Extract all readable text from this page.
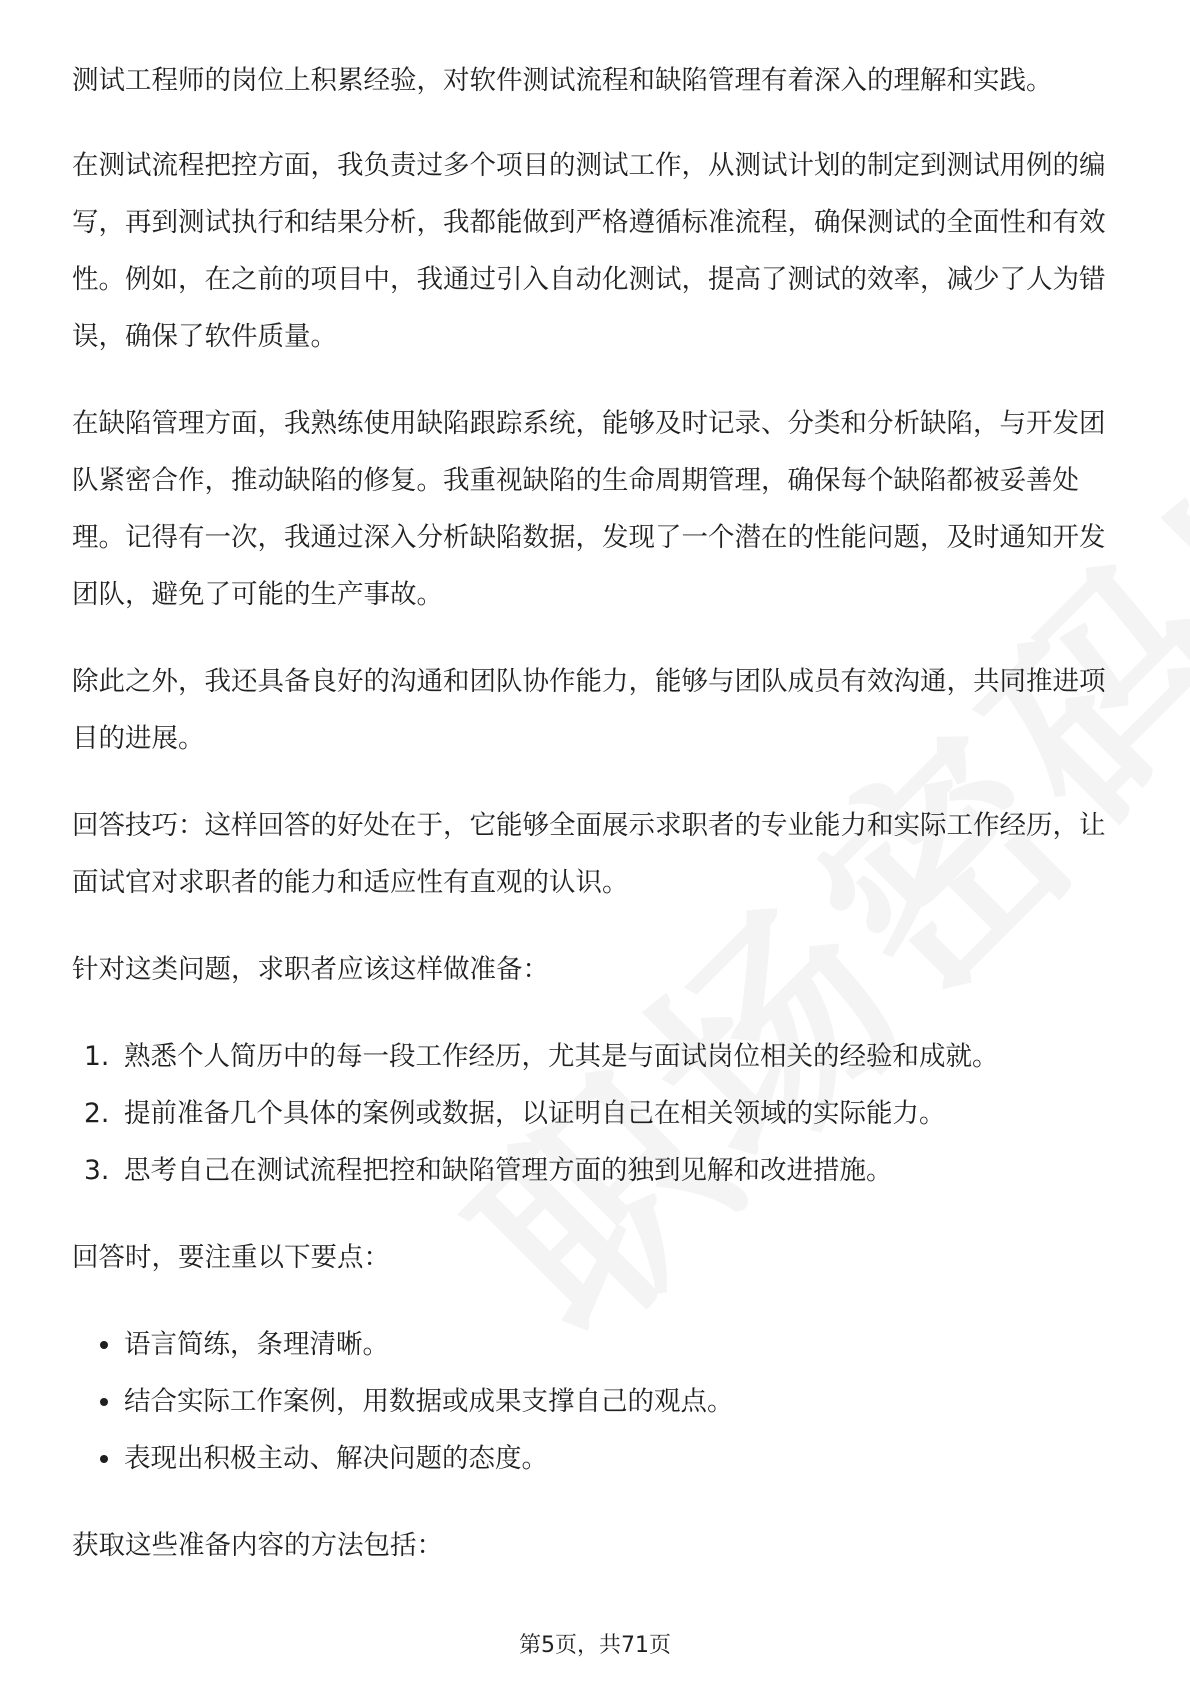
测试工程师的岗位上积累经验，对软件测试流程和缺陷管理有着深入的理解和实践。

在测试流程把控方面，我负责过多个项目的测试工作，从测试计划的制定到测试用例的编写，再到测试执行和结果分析，我都能做到严格遵循标准流程，确保测试的全面性和有效性。例如，在之前的项目中，我通过引入自动化测试，提高了测试的效率，减少了人为错误，确保了软件质量。

在缺陷管理方面，我熟练使用缺陷跟踪系统，能够及时记录、分类和分析缺陷，与开发团队紧密合作，推动缺陷的修复。我重视缺陷的生命周期管理，确保每个缺陷都被妥善处理。记得有一次，我通过深入分析缺陷数据，发现了一个潜在的性能问题，及时通知开发团队，避免了可能的生产事故。

除此之外，我还具备良好的沟通和团队协作能力，能够与团队成员有效沟通，共同推进项目的进展。

回答技巧：这样回答的好处在于，它能够全面展示求职者的专业能力和实际工作经历，让面试官对求职者的能力和适应性有直观的认识。

针对这类问题，求职者应该这样做准备：

1. 熟悉个人简历中的每一段工作经历，尤其是与面试岗位相关的经验和成就。
2. 提前准备几个具体的案例或数据，以证明自己在相关领域的实际能力。
3. 思考自己在测试流程把控和缺陷管理方面的独到见解和改进措施。

回答时，要注重以下要点：

语言简练，条理清晰。
结合实际工作案例，用数据或成果支撑自己的观点。
表现出积极主动、解决问题的态度。

获取这些准备内容的方法包括：

第5页，共71页
